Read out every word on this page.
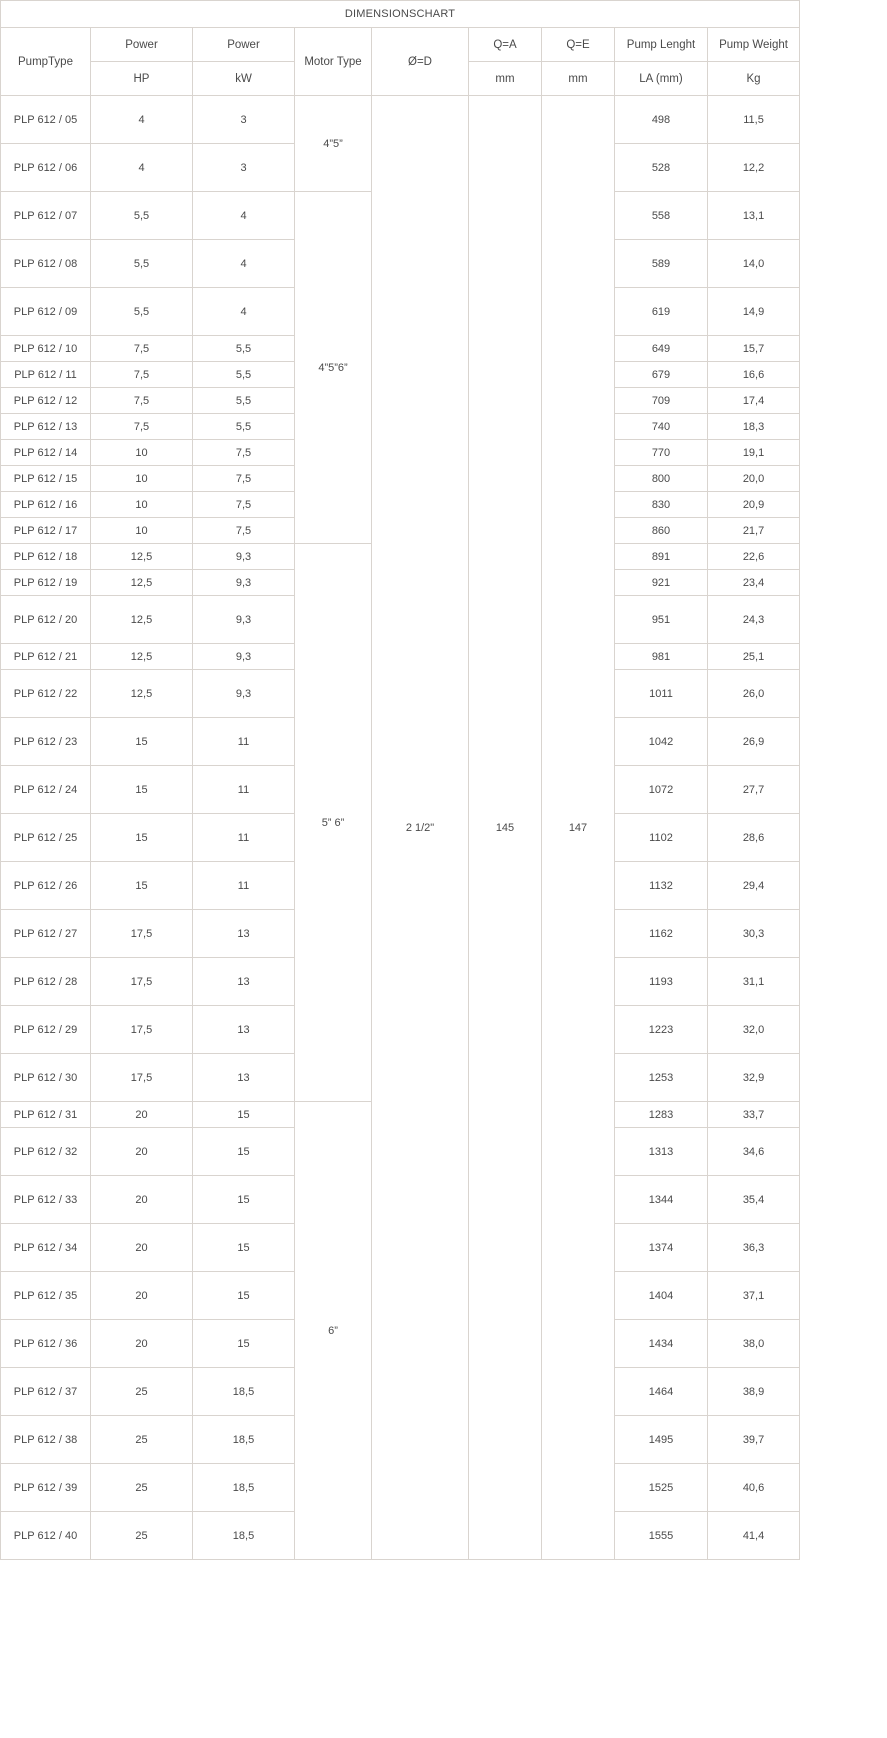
DIMENSIONSCHART								
PumpType	Power	Power	Motor Type	Ø=D	Q=A	Q=E	Pump Lenght	Pump Weight
	HP	kW			mm	mm	LA (mm)	Kg
PLP 612 / 05	4	3	4”5”	2 1/2"	145	147	498	11,5
PLP 612 / 06	4	3					528	12,2
PLP 612 / 07	5,5	4	4”5”6”				558	13,1
PLP 612 / 08	5,5	4					589	14,0
PLP 612 / 09	5,5	4					619	14,9
PLP 612 / 10	7,5	5,5					649	15,7
PLP 612 / 11	7,5	5,5					679	16,6
PLP 612 / 12	7,5	5,5					709	17,4
PLP 612 / 13	7,5	5,5					740	18,3
PLP 612 / 14	10	7,5					770	19,1
PLP 612 / 15	10	7,5					800	20,0
PLP 612 / 16	10	7,5					830	20,9
PLP 612 / 17	10	7,5					860	21,7
PLP 612 / 18	12,5	9,3	5” 6”				891	22,6
PLP 612 / 19	12,5	9,3					921	23,4
PLP 612 / 20	12,5	9,3					951	24,3
PLP 612 / 21	12,5	9,3					981	25,1
PLP 612 / 22	12,5	9,3					1011	26,0
PLP 612 / 23	15	11					1042	26,9
PLP 612 / 24	15	11					1072	27,7
PLP 612 / 25	15	11					1102	28,6
PLP 612 / 26	15	11					1132	29,4
PLP 612 / 27	17,5	13					1162	30,3
PLP 612 / 28	17,5	13					1193	31,1
PLP 612 / 29	17,5	13					1223	32,0
PLP 612 / 30	17,5	13					1253	32,9
PLP 612 / 31	20	15	6”				1283	33,7
PLP 612 / 32	20	15					1313	34,6
PLP 612 / 33	20	15					1344	35,4
PLP 612 / 34	20	15					1374	36,3
PLP 612 / 35	20	15					1404	37,1
PLP 612 / 36	20	15					1434	38,0
PLP 612 / 37	25	18,5					1464	38,9
PLP 612 / 38	25	18,5					1495	39,7
PLP 612 / 39	25	18,5					1525	40,6
PLP 612 / 40	25	18,5					1555	41,4
